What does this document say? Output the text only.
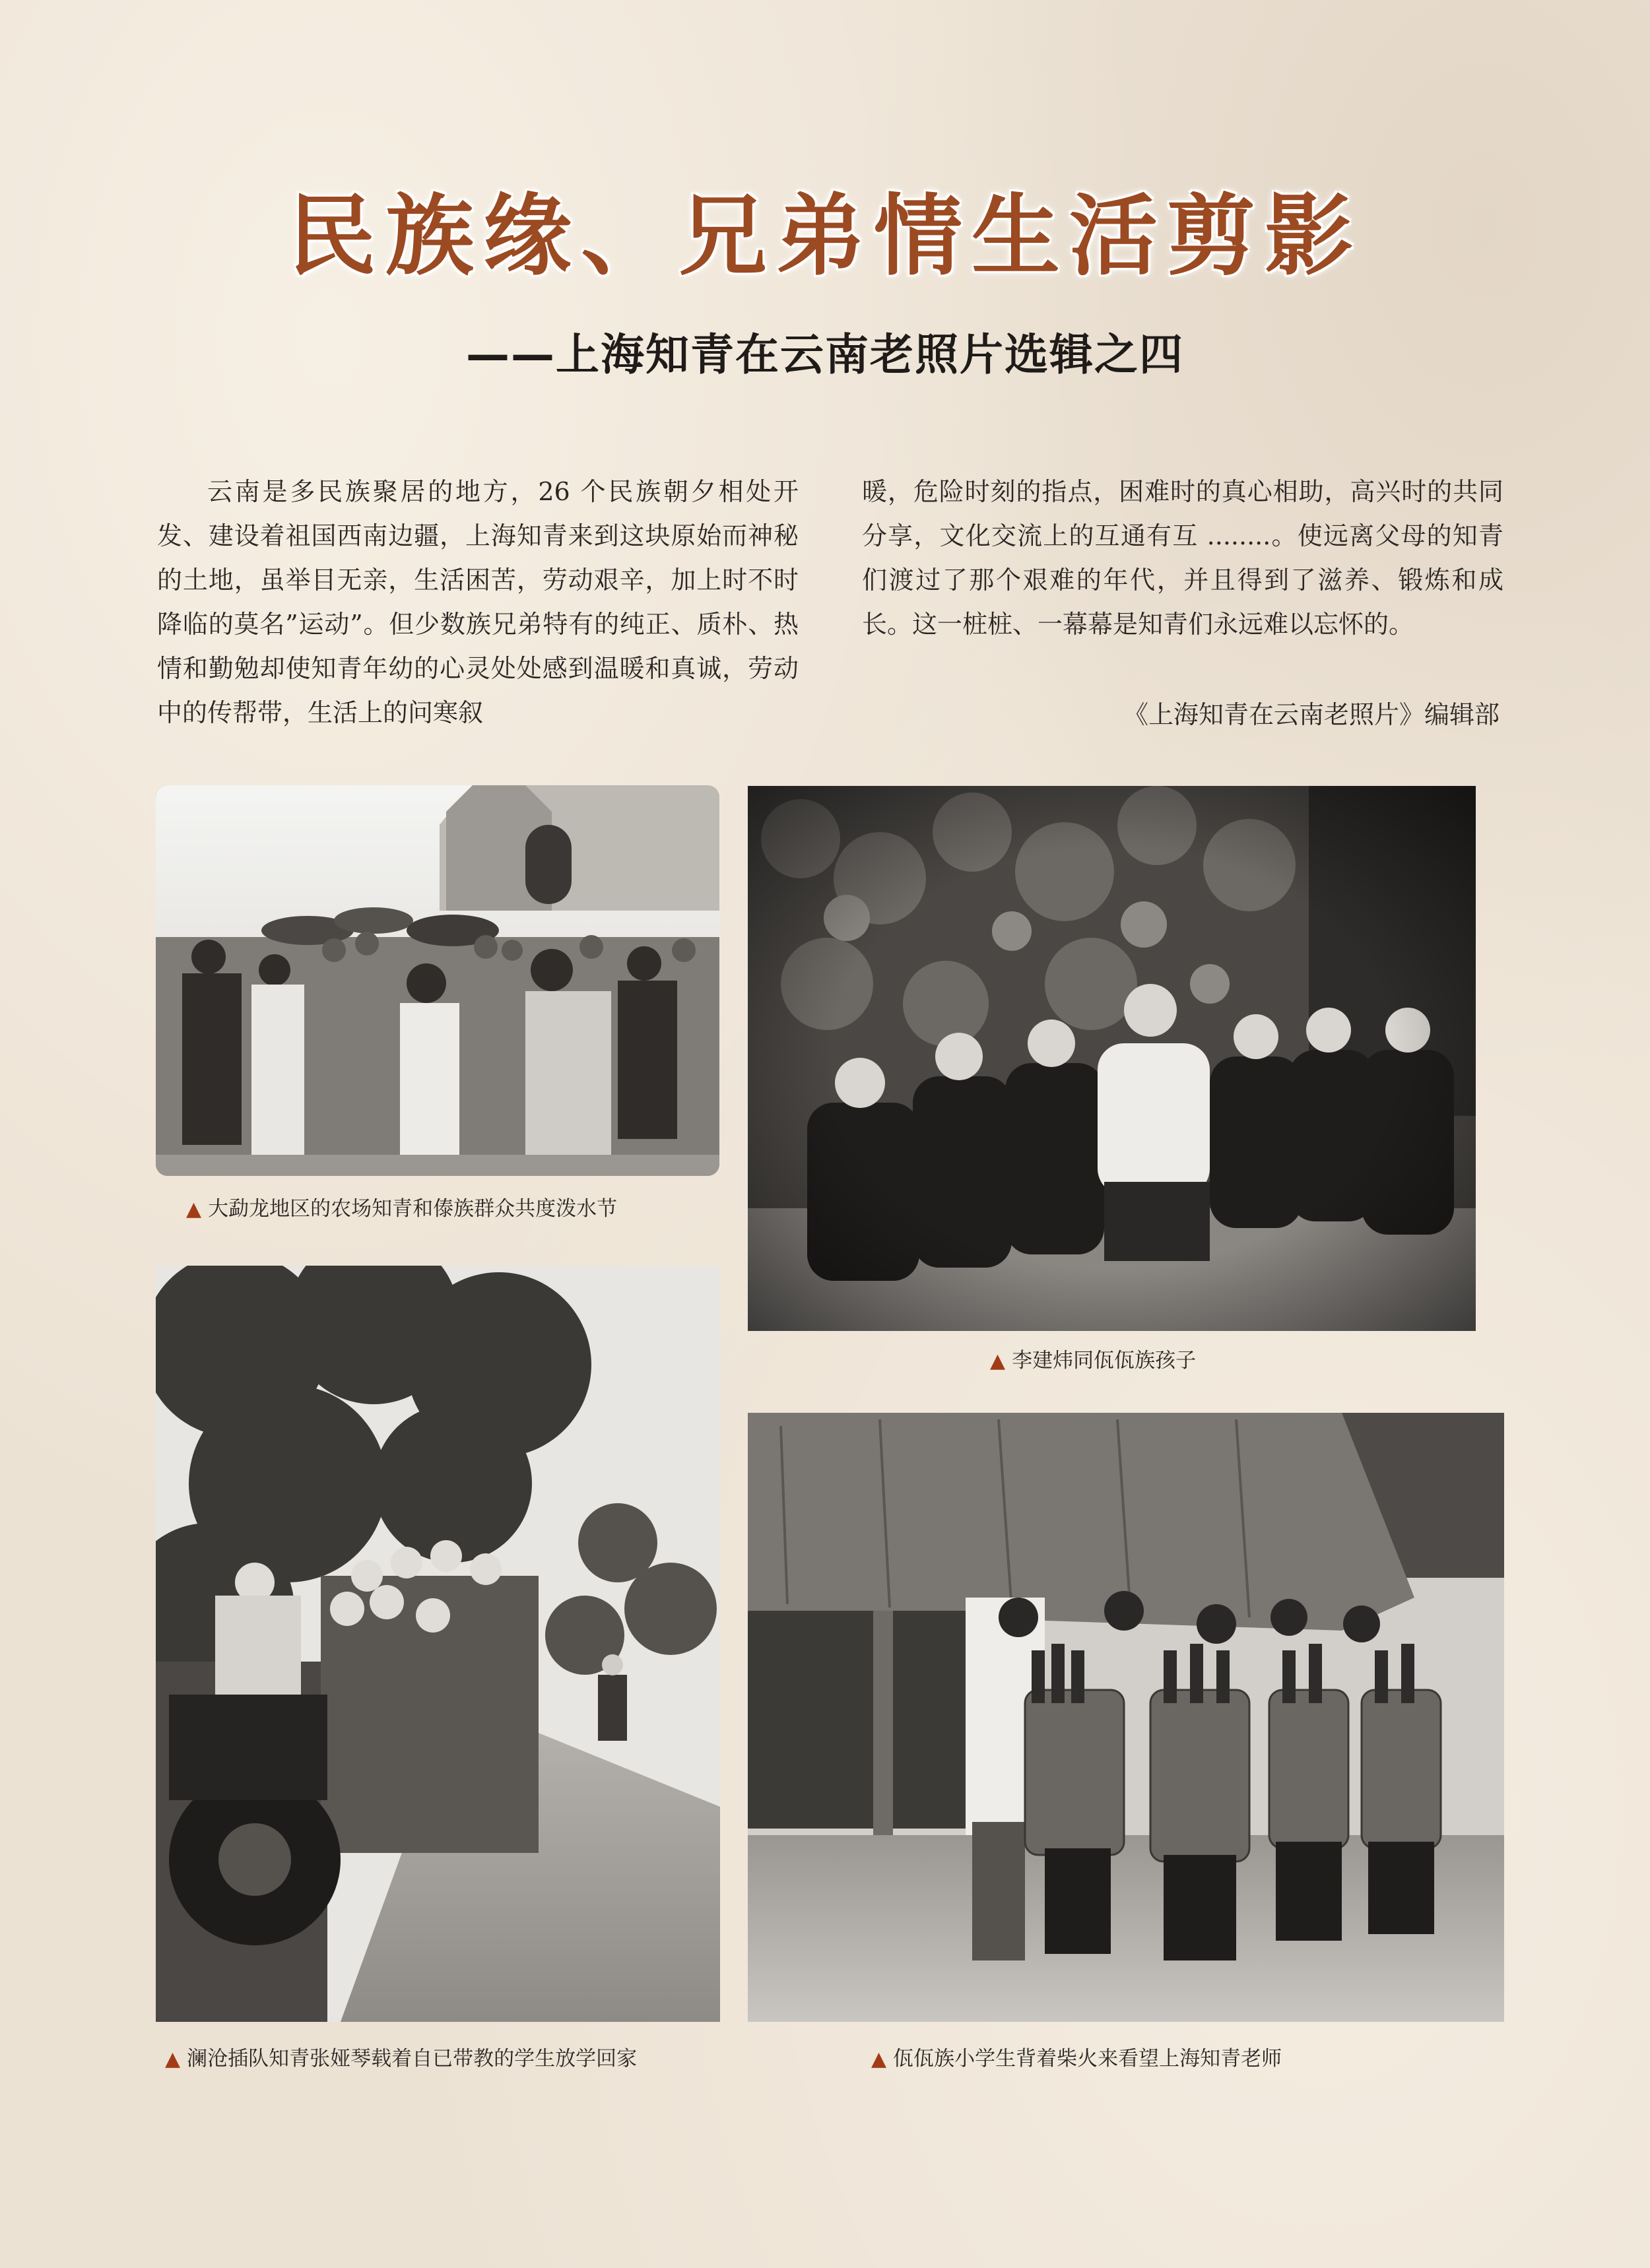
民族缘、兄弟情生活剪影
——上海知青在云南老照片选辑之四
云南是多民族聚居的地方，26 个民族朝夕相处开发、建设着祖国西南边疆，上海知青来到这块原始而神秘的土地，虽举目无亲，生活困苦，劳动艰辛，加上时不时降临的莫名”运动”。但少数族兄弟特有的纯正、质朴、热情和勤勉却使知青年幼的心灵处处感到温暖和真诚，劳动中的传帮带，生活上的问寒叙
暖，危险时刻的指点，困难时的真心相助，高兴时的共同分享，文化交流上的互通有互 ........。使远离父母的知青们渡过了那个艰难的年代，并且得到了滋养、锻炼和成长。这一桩桩、一幕幕是知青们永远难以忘怀的。
《上海知青在云南老照片》编辑部
▲ 大勐龙地区的农场知青和傣族群众共度泼水节
▲ 李建炜同佤佤族孩子
▲ 澜沧插队知青张娅琴载着自已带教的学生放学回家	▲ 佤佤族小学生背着柴火来看望上海知青老师
